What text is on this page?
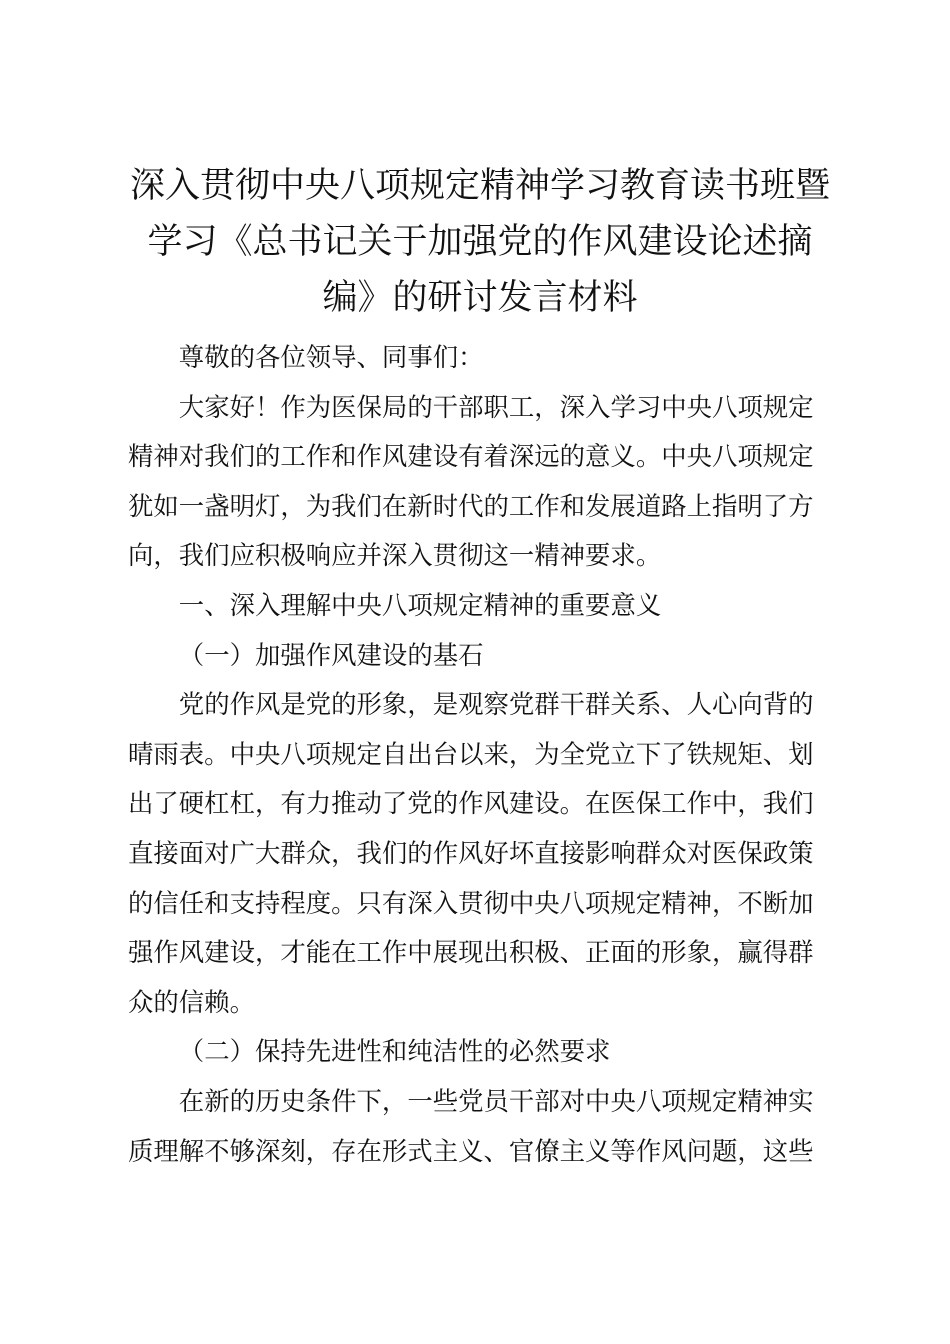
深入贯彻中央八项规定精神学习教育读书班暨
学习《总书记关于加强党的作风建设论述摘
编》的研讨发言材料
尊敬的各位领导、同事们：
大家好！作为医保局的干部职工，深入学习中央八项规定
精神对我们的工作和作风建设有着深远的意义。中央八项规定
犹如一盏明灯，为我们在新时代的工作和发展道路上指明了方
向，我们应积极响应并深入贯彻这一精神要求。
一、深入理解中央八项规定精神的重要意义
（一）加强作风建设的基石
党的作风是党的形象，是观察党群干群关系、人心向背的
晴雨表。中央八项规定自出台以来，为全党立下了铁规矩、划
出了硬杠杠，有力推动了党的作风建设。在医保工作中，我们
直接面对广大群众，我们的作风好坏直接影响群众对医保政策
的信任和支持程度。只有深入贯彻中央八项规定精神，不断加
强作风建设，才能在工作中展现出积极、正面的形象，赢得群
众的信赖。
（二）保持先进性和纯洁性的必然要求
在新的历史条件下，一些党员干部对中央八项规定精神实
质理解不够深刻，存在形式主义、官僚主义等作风问题，这些
